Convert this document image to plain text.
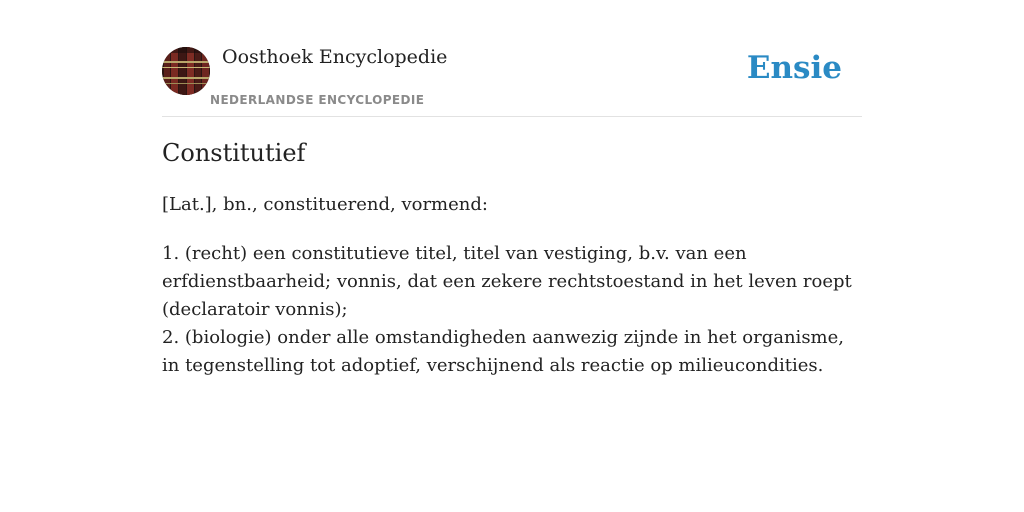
Oosthoek Encyclopedie
NEDERLANDSE ENCYCLOPEDIE
Ensie
Constitutief

[Lat.], bn., constituerend, vormend:

1. (recht) een constitutieve titel, titel van vestiging, b.v. van een erfdienstbaarheid; vonnis, dat een zekere rechtstoestand in het leven roept (declaratoir vonnis);
2. (biologie) onder alle omstandigheden aanwezig zijnde in het organisme, in tegenstelling tot adoptief, verschijnend als reactie op milieucondities.
